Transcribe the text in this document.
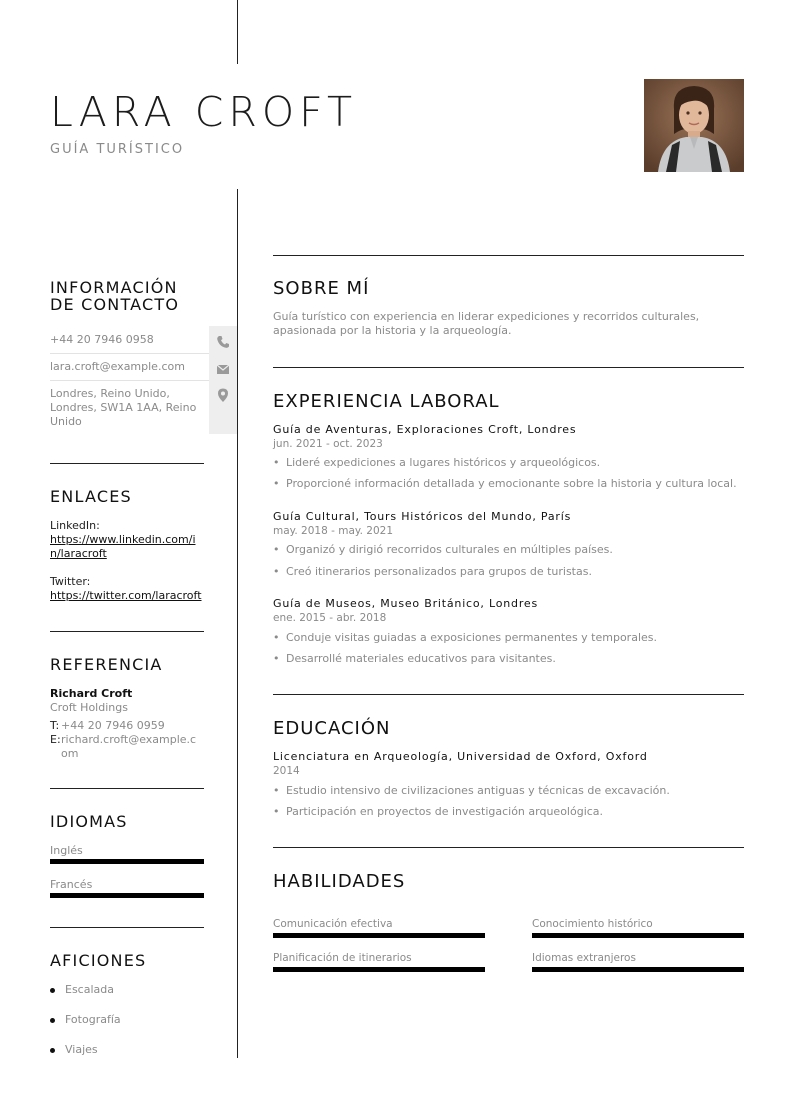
LARA CROFT
GUÍA TURÍSTICO
INFORMACIÓN
DE CONTACTO
+44 20 7946 0958
lara.croft@example.com
Londres, Reino Unido, Londres, SW1A 1AA, Reino Unido
ENLACES
LinkedIn:
https://www.linkedin.com/in/laracroft
Twitter:
https://twitter.com/laracroft
REFERENCIA
Richard Croft
Croft Holdings
T: +44 20 7946 0959
E: richard.croft@example.com
IDIOMAS
Inglés
Francés
AFICIONES
Escalada
Fotografía
Viajes
SOBRE MÍ
Guía turístico con experiencia en liderar expediciones y recorridos culturales, apasionada por la historia y la arqueología.
EXPERIENCIA LABORAL
Guía de Aventuras, Exploraciones Croft, Londres
jun. 2021 - oct. 2023
• Lideré expediciones a lugares históricos y arqueológicos.
• Proporcioné información detallada y emocionante sobre la historia y cultura local.
Guía Cultural, Tours Históricos del Mundo, París
may. 2018 - may. 2021
• Organizó y dirigió recorridos culturales en múltiples países.
• Creó itinerarios personalizados para grupos de turistas.
Guía de Museos, Museo Británico, Londres
ene. 2015 - abr. 2018
• Conduje visitas guiadas a exposiciones permanentes y temporales.
• Desarrollé materiales educativos para visitantes.
EDUCACIÓN
Licenciatura en Arqueología, Universidad de Oxford, Oxford
2014
• Estudio intensivo de civilizaciones antiguas y técnicas de excavación.
• Participación en proyectos de investigación arqueológica.
HABILIDADES
Comunicación efectiva	Conocimiento histórico
Planificación de itinerarios	Idiomas extranjeros
